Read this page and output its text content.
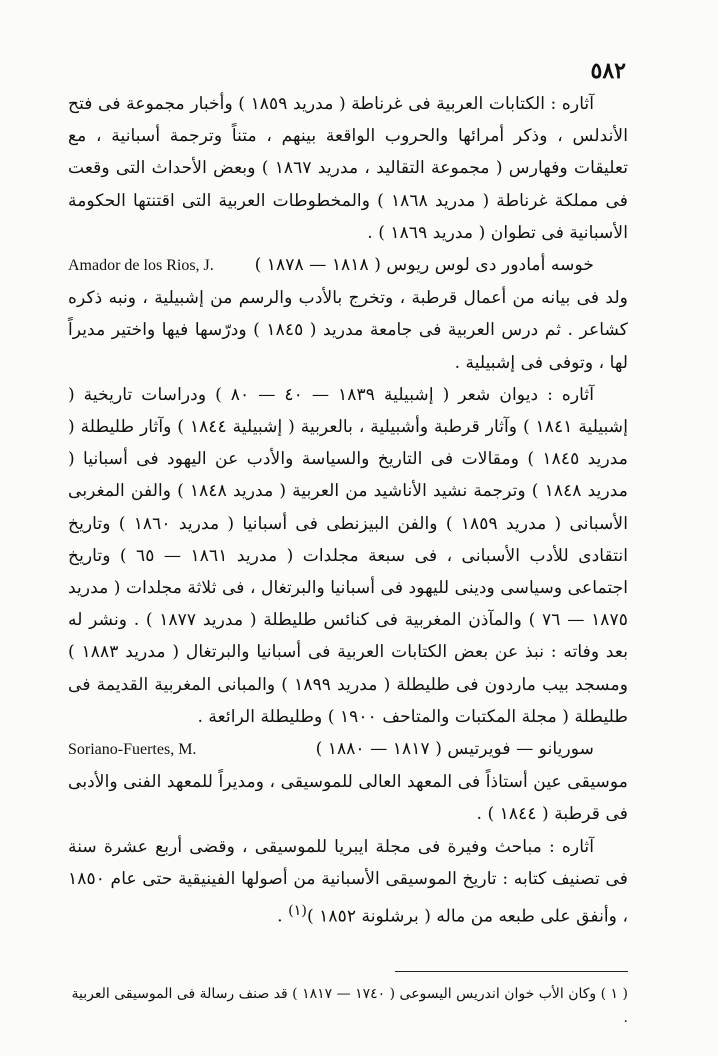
٥٨٢

آثاره : الكتابات العربية فى غرناطة ( مدريد ١٨٥٩ ) وأخبار مجموعة فى فتح الأندلس ، وذكر أمرائها والحروب الواقعة بينهم ، متناً وترجمة أسبانية ، مع تعليقات وفهارس ( مجموعة التقاليد ، مدريد ١٨٦٧ ) وبعض الأحداث التى وقعت فى مملكة غرناطة ( مدريد ١٨٦٨ ) والمخطوطات العربية التى اقتنتها الحكومة الأسبانية فى تطوان ( مدريد ١٨٦٩ ) .

Amador de los Rios, J.	خوسه أمادور دى لوس ريوس ( ١٨١٨ — ١٨٧٨ )

ولد فى بيانه من أعمال قرطبة ، وتخرج بالأدب والرسم من إشبيلية ، ونبه ذكره كشاعر . ثم درس العربية فى جامعة مدريد ( ١٨٤٥ ) ودرّسها فيها واختير مديراً لها ، وتوفى فى إشبيلية .

آثاره : ديوان شعر ( إشبيلية ١٨٣٩ — ٤٠ — ٨٠ ) ودراسات تاريخية ( إشبيلية ١٨٤١ ) وآثار قرطبة وأشبيلية ، بالعربية ( إشبيلية ١٨٤٤ ) وآثار طليطلة ( مدريد ١٨٤٥ ) ومقالات فى التاريخ والسياسة والأدب عن اليهود فى أسبانيا ( مدريد ١٨٤٨ ) وترجمة نشيد الأناشيد من العربية ( مدريد ١٨٤٨ ) والفن المغربى الأسبانى ( مدريد ١٨٥٩ ) والفن البيزنطى فى أسبانيا ( مدريد ١٨٦٠ ) وتاريخ انتقادى للأدب الأسبانى ، فى سبعة مجلدات ( مدريد ١٨٦١ — ٦٥ ) وتاريخ اجتماعى وسياسى ودينى لليهود فى أسبانيا والبرتغال ، فى ثلاثة مجلدات ( مدريد ١٨٧٥ — ٧٦ ) والمآذن المغربية فى كنائس طليطلة ( مدريد ١٨٧٧ ) . ونشر له بعد وفاته : نبذ عن بعض الكتابات العربية فى أسبانيا والبرتغال ( مدريد ١٨٨٣ ) ومسجد بيب ماردون فى طليطلة ( مدريد ١٨٩٩ ) والمبانى المغربية القديمة فى طليطلة ( مجلة المكتبات والمتاحف ١٩٠٠ ) وطليطلة الرائعة .

Soriano-Fuertes, M.	سوريانو — فويرتيس ( ١٨١٧ — ١٨٨٠ )

موسيقى عين أستاذاً فى المعهد العالى للموسيقى ، ومديراً للمعهد الفنى والأدبى فى قرطبة ( ١٨٤٤ ) .

آثاره : مباحث وفيرة فى مجلة ايبريا للموسيقى ، وقضى أربع عشرة سنة فى تصنيف كتابه : تاريخ الموسيقى الأسبانية من أصولها الفينيقية حتى عام ١٨٥٠ ، وأنفق على طبعه من ماله ( برشلونة ١٨٥٢ )$^{(١)}$ .

( ١ ) وكان الأب خوان اندريس اليسوعى ( ١٧٤٠ — ١٨١٧ ) قد صنف رسالة فى الموسيقى العربية .
